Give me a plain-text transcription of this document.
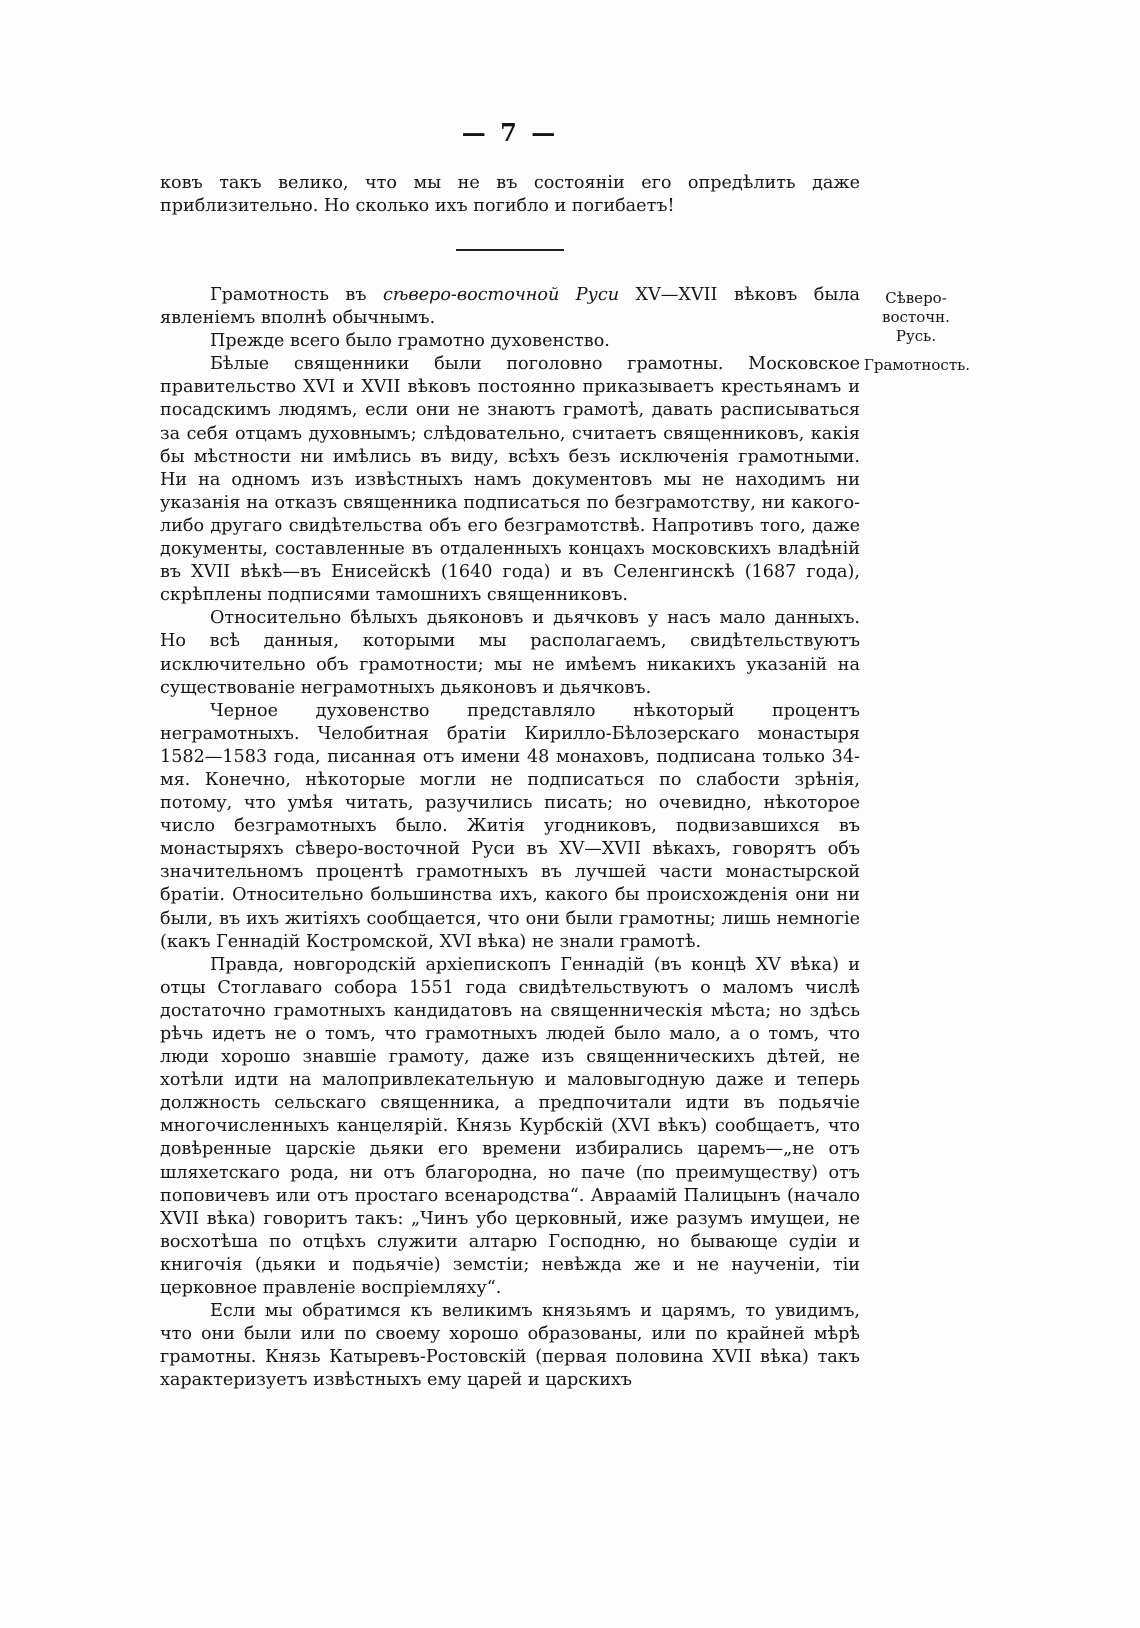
— 7 —

ковъ такъ велико, что мы не въ состоянiи его опредѣлить даже приблизительно. Но сколько ихъ погибло и погибаетъ!

Сѣверо-восточн. Русь.
Грамотность.

Грамотность въ сѣверо-восточной Руси XV—XVII вѣковъ была явленiемъ вполнѣ обычнымъ.

Прежде всего было грамотно духовенство.

Бѣлые священники были поголовно грамотны. Московское правительство XVI и XVII вѣковъ постоянно приказываетъ крестьянамъ и посадскимъ людямъ, если они не знаютъ грамотѣ, давать расписываться за себя отцамъ духовнымъ; слѣдовательно, считаетъ священниковъ, какiя бы мѣстности ни имѣлись въ виду, всѣхъ безъ исключенiя грамотными. Ни на одномъ изъ извѣстныхъ намъ документовъ мы не находимъ ни указанiя на отказъ священника подписаться по безграмотству, ни какого-либо другаго свидѣтельства объ его безграмотствѣ. Напротивъ того, даже документы, составленные въ отдаленныхъ концахъ московскихъ владѣнiй въ XVII вѣкѣ—въ Енисейскѣ (1640 года) и въ Селенгинскѣ (1687 года), скрѣплены подписями тамошнихъ священниковъ.

Относительно бѣлыхъ дьяконовъ и дьячковъ у насъ мало данныхъ. Но всѣ данныя, которыми мы располагаемъ, свидѣтельствуютъ исключительно объ грамотности; мы не имѣемъ никакихъ указанiй на существованiе неграмотныхъ дьяконовъ и дьячковъ.

Черное духовенство представляло нѣкоторый процентъ неграмотныхъ. Челобитная братiи Кирилло-Бѣлозерскаго монастыря 1582—1583 года, писанная отъ имени 48 монаховъ, подписана только 34-мя. Конечно, нѣкоторые могли не подписаться по слабости зрѣнiя, потому, что умѣя читать, разучились писать; но очевидно, нѣкоторое число безграмотныхъ было. Житiя угодниковъ, подвизавшихся въ монастыряхъ сѣверо-восточной Руси въ XV—XVII вѣкахъ, говорятъ объ значительномъ процентѣ грамотныхъ въ лучшей части монастырской братiи. Относительно большинства ихъ, какого бы происхожденiя они ни были, въ ихъ житiяхъ сообщается, что они были грамотны; лишь немногiе (какъ Геннадiй Костромской, XVI вѣка) не знали грамотѣ.

Правда, новгородскiй архiепископъ Геннадiй (въ концѣ XV вѣка) и отцы Стоглаваго собора 1551 года свидѣтельствуютъ о маломъ числѣ достаточно грамотныхъ кандидатовъ на священническiя мѣста; но здѣсь рѣчь идетъ не о томъ, что грамотныхъ людей было мало, а о томъ, что люди хорошо знавшiе грамоту, даже изъ священническихъ дѣтей, не хотѣли идти на малопривлекательную и маловыгодную даже и теперь должность сельскаго священника, а предпочитали идти въ подьячiе многочисленныхъ канцелярiй. Князь Курбскiй (XVI вѣкъ) сообщаетъ, что довѣренные царскiе дьяки его времени избирались царемъ—„не отъ шляхетскаго рода, ни отъ благородна, но паче (по преимуществу) отъ поповичевъ или отъ простаго всенародства“. Авраамiй Палицынъ (начало XVII вѣка) говоритъ такъ: „Чинъ убо церковный, иже разумъ имущеи, не восхотѣша по отцѣхъ служити алтарю Господню, но бывающе судiи и книгочiя (дьяки и подьячiе) земстiи; невѣжда же и не наученiи, тiи церковное правленiе воспрiемляху“.

Если мы обратимся къ великимъ князьямъ и царямъ, то увидимъ, что они были или по своему хорошо образованы, или по крайней мѣрѣ грамотны. Князь Катыревъ-Ростовскiй (первая половина XVII вѣка) такъ характеризуетъ извѣстныхъ ему царей и царскихъ
